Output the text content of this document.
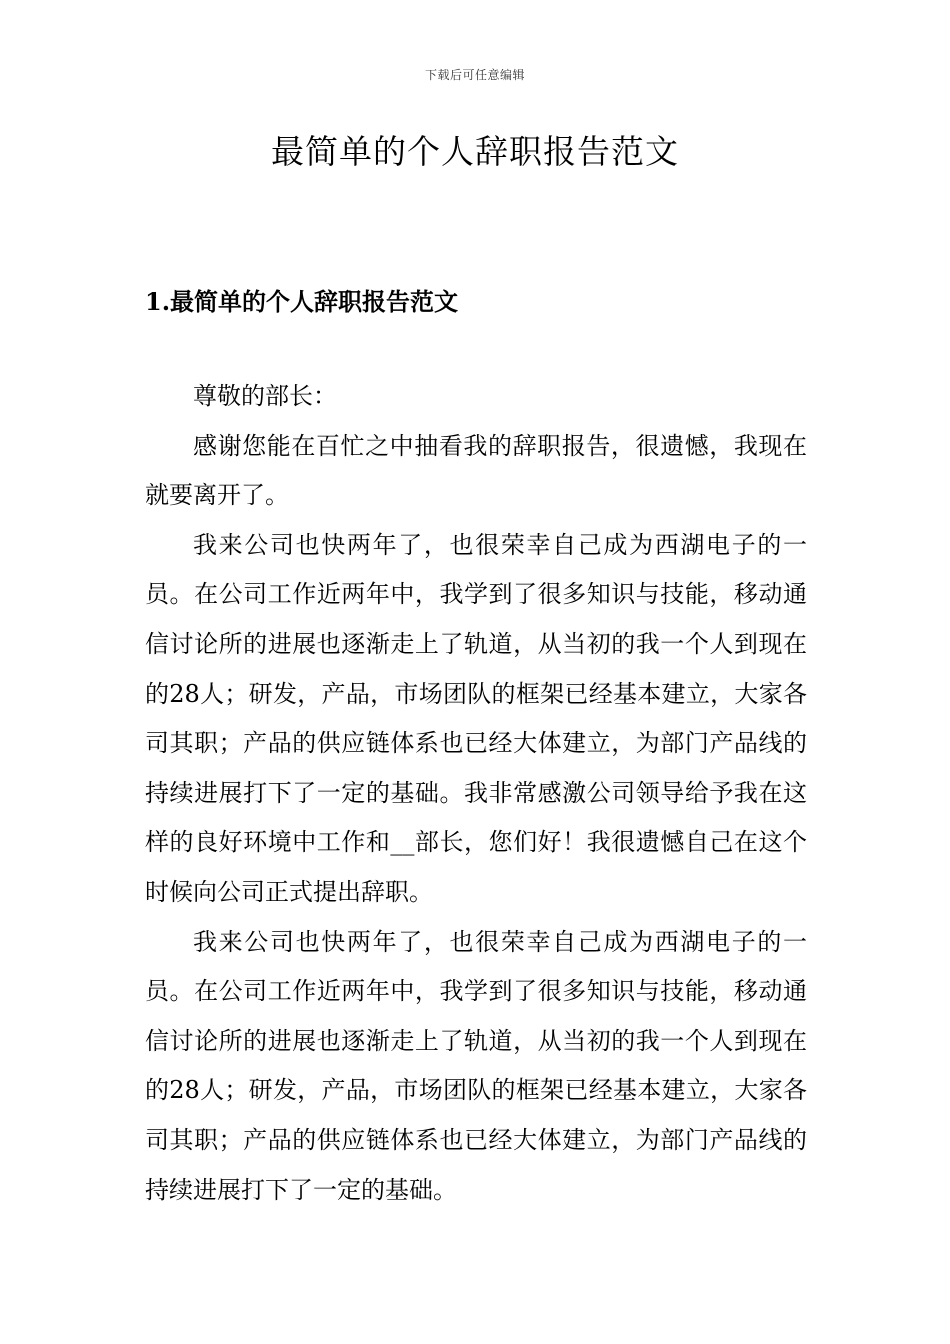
下载后可任意编辑
最简单的个人辞职报告范文
1.最简单的个人辞职报告范文

尊敬的部长：

感谢您能在百忙之中抽看我的辞职报告，很遗憾，我现在就要离开了。

我来公司也快两年了，也很荣幸自己成为西湖电子的一员。在公司工作近两年中，我学到了很多知识与技能，移动通信讨论所的进展也逐渐走上了轨道，从当初的我一个人到现在的28人；研发，产品，市场团队的框架已经基本建立，大家各司其职；产品的供应链体系也已经大体建立，为部门产品线的持续进展打下了一定的基础。我非常感激公司领导给予我在这样的良好环境中工作和__部长，您们好！我很遗憾自己在这个时候向公司正式提出辞职。

我来公司也快两年了，也很荣幸自己成为西湖电子的一员。在公司工作近两年中，我学到了很多知识与技能，移动通信讨论所的进展也逐渐走上了轨道，从当初的我一个人到现在的28人；研发，产品，市场团队的框架已经基本建立，大家各司其职；产品的供应链体系也已经大体建立，为部门产品线的持续进展打下了一定的基础。
